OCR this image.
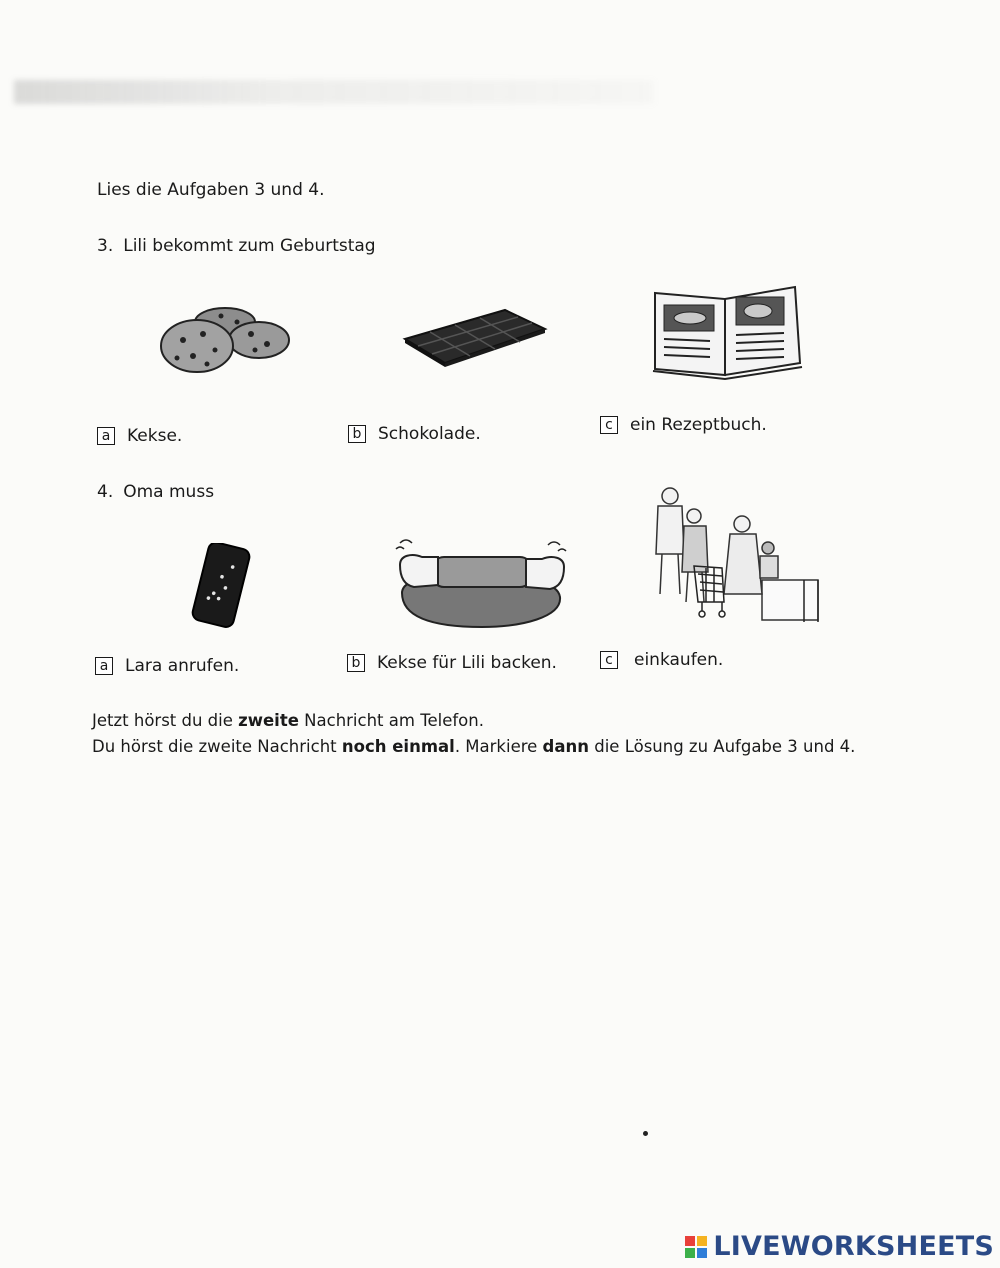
Lies die Aufgaben 3 und 4.
3. Lili bekommt zum Geburtstag
a Kekse.	b Schokolade.	c	ein Rezeptbuch.
4. Oma muss
a Lara anrufen.	b Kekse für Lili backen.	c	einkaufen.
Jetzt hörst du die zweite Nachricht am Telefon.
Du hörst die zweite Nachricht noch einmal. Markiere dann die Lösung zu Aufgabe 3 und 4.
LIVEWORKSHEETS
